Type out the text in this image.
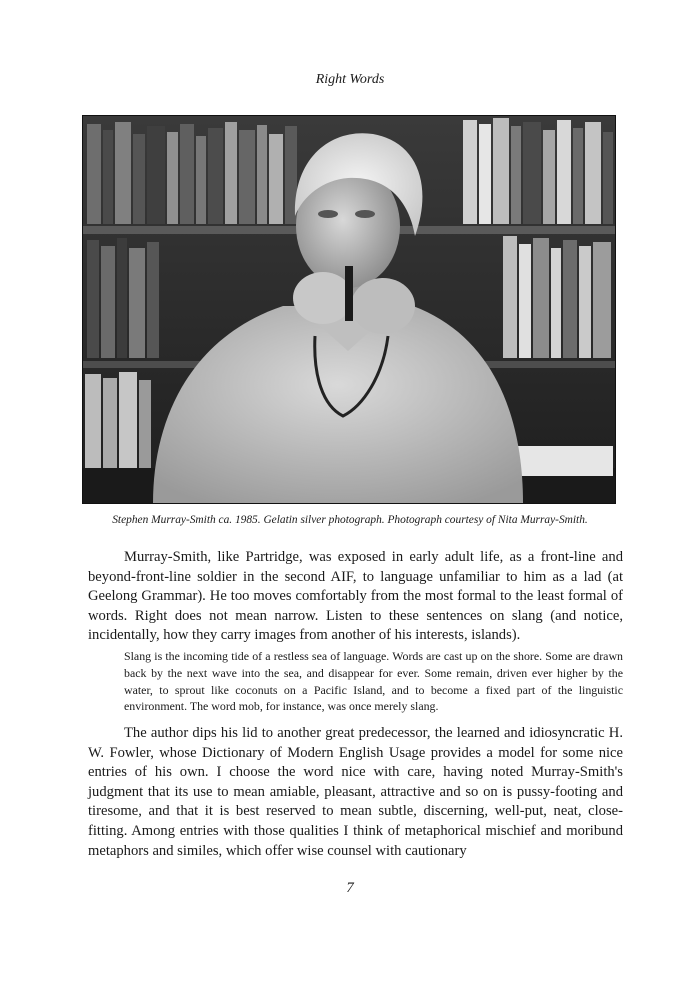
Right Words
Stephen Murray-Smith ca. 1985. Gelatin silver photograph. Photograph courtesy of Nita Murray-Smith.

Murray-Smith, like Partridge, was exposed in early adult life, as a front-line and beyond-front-line soldier in the second AIF, to language unfamiliar to him as a lad (at Geelong Grammar). He too moves comfortably from the most formal to the least formal of words. Right does not mean narrow. Listen to these sentences on slang (and notice, incidentally, how they carry images from another of his interests, islands).

Slang is the incoming tide of a restless sea of language. Words are cast up on the shore. Some are drawn back by the next wave into the sea, and disappear for ever. Some remain, driven ever higher by the water, to sprout like coconuts on a Pacific Island, and to become a fixed part of the linguistic environment. The word mob, for instance, was once merely slang.

The author dips his lid to another great predecessor, the learned and idiosyncratic H. W. Fowler, whose Dictionary of Modern English Usage provides a model for some nice entries of his own. I choose the word nice with care, having noted Murray-Smith's judgment that its use to mean amiable, pleasant, attractive and so on is pussy-footing and tiresome, and that it is best reserved to mean subtle, discerning, well-put, neat, close-fitting. Among entries with those qualities I think of metaphorical mischief and moribund metaphors and similes, which offer wise counsel with cautionary

7
